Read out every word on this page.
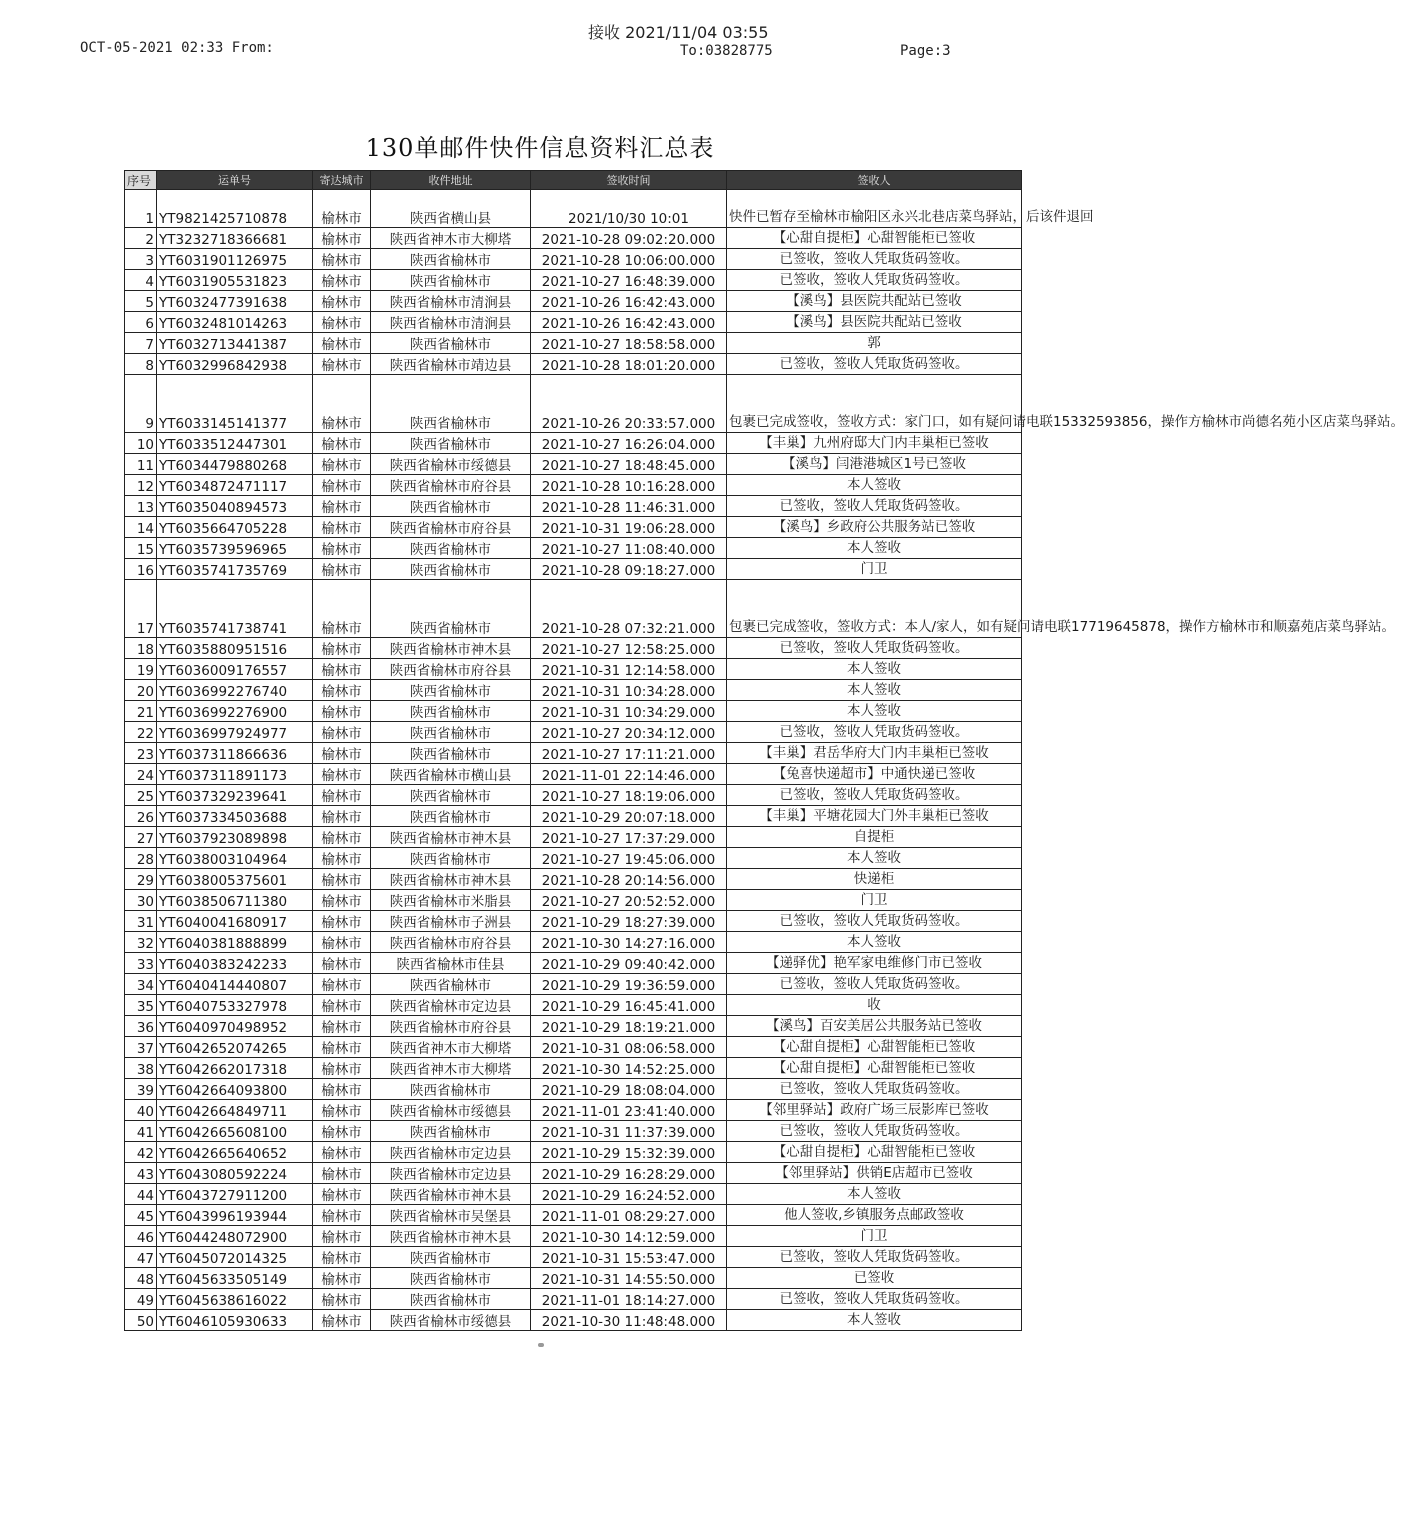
OCT-05-2021 02:33 From:
接收 2021/11/04 03:55
To:03828775	Page:3
130单邮件快件信息资料汇总表
序号	运单号	寄达城市	收件地址	签收时间	签收人
1	YT9821425710878	榆林市	陕西省横山县	2021/10/30 10:01	快件已暂存至榆林市榆阳区永兴北巷店菜鸟驿站，后该件退回
2	YT3232718366681	榆林市	陕西省神木市大柳塔	2021-10-28 09:02:20.000	【心甜自提柜】心甜智能柜已签收
3	YT6031901126975	榆林市	陕西省榆林市	2021-10-28 10:06:00.000	已签收，签收人凭取货码签收。
4	YT6031905531823	榆林市	陕西省榆林市	2021-10-27 16:48:39.000	已签收，签收人凭取货码签收。
5	YT6032477391638	榆林市	陕西省榆林市清涧县	2021-10-26 16:42:43.000	【溪鸟】县医院共配站已签收
6	YT6032481014263	榆林市	陕西省榆林市清涧县	2021-10-26 16:42:43.000	【溪鸟】县医院共配站已签收
7	YT6032713441387	榆林市	陕西省榆林市	2021-10-27 18:58:58.000	郭
8	YT6032996842938	榆林市	陕西省榆林市靖边县	2021-10-28 18:01:20.000	已签收，签收人凭取货码签收。
9	YT6033145141377	榆林市	陕西省榆林市	2021-10-26 20:33:57.000	包裹已完成签收，签收方式：家门口，如有疑问请电联15332593856，操作方榆林市尚德名苑小区店菜鸟驿站。
10	YT6033512447301	榆林市	陕西省榆林市	2021-10-27 16:26:04.000	【丰巢】九州府邸大门内丰巢柜已签收
11	YT6034479880268	榆林市	陕西省榆林市绥德县	2021-10-27 18:48:45.000	【溪鸟】闫港港城区1号已签收
12	YT6034872471117	榆林市	陕西省榆林市府谷县	2021-10-28 10:16:28.000	本人签收
13	YT6035040894573	榆林市	陕西省榆林市	2021-10-28 11:46:31.000	已签收，签收人凭取货码签收。
14	YT6035664705228	榆林市	陕西省榆林市府谷县	2021-10-31 19:06:28.000	【溪鸟】乡政府公共服务站已签收
15	YT6035739596965	榆林市	陕西省榆林市	2021-10-27 11:08:40.000	本人签收
16	YT6035741735769	榆林市	陕西省榆林市	2021-10-28 09:18:27.000	门卫
17	YT6035741738741	榆林市	陕西省榆林市	2021-10-28 07:32:21.000	包裹已完成签收，签收方式：本人/家人，如有疑问请电联17719645878，操作方榆林市和顺嘉苑店菜鸟驿站。
18	YT6035880951516	榆林市	陕西省榆林市神木县	2021-10-27 12:58:25.000	已签收，签收人凭取货码签收。
19	YT6036009176557	榆林市	陕西省榆林市府谷县	2021-10-31 12:14:58.000	本人签收
20	YT6036992276740	榆林市	陕西省榆林市	2021-10-31 10:34:28.000	本人签收
21	YT6036992276900	榆林市	陕西省榆林市	2021-10-31 10:34:29.000	本人签收
22	YT6036997924977	榆林市	陕西省榆林市	2021-10-27 20:34:12.000	已签收，签收人凭取货码签收。
23	YT6037311866636	榆林市	陕西省榆林市	2021-10-27 17:11:21.000	【丰巢】君岳华府大门内丰巢柜已签收
24	YT6037311891173	榆林市	陕西省榆林市横山县	2021-11-01 22:14:46.000	【兔喜快递超市】中通快递已签收
25	YT6037329239641	榆林市	陕西省榆林市	2021-10-27 18:19:06.000	已签收，签收人凭取货码签收。
26	YT6037334503688	榆林市	陕西省榆林市	2021-10-29 20:07:18.000	【丰巢】平塘花园大门外丰巢柜已签收
27	YT6037923089898	榆林市	陕西省榆林市神木县	2021-10-27 17:37:29.000	自提柜
28	YT6038003104964	榆林市	陕西省榆林市	2021-10-27 19:45:06.000	本人签收
29	YT6038005375601	榆林市	陕西省榆林市神木县	2021-10-28 20:14:56.000	快递柜
30	YT6038506711380	榆林市	陕西省榆林市米脂县	2021-10-27 20:52:52.000	门卫
31	YT6040041680917	榆林市	陕西省榆林市子洲县	2021-10-29 18:27:39.000	已签收，签收人凭取货码签收。
32	YT6040381888899	榆林市	陕西省榆林市府谷县	2021-10-30 14:27:16.000	本人签收
33	YT6040383242233	榆林市	陕西省榆林市佳县	2021-10-29 09:40:42.000	【递驿优】艳军家电维修门市已签收
34	YT6040414440807	榆林市	陕西省榆林市	2021-10-29 19:36:59.000	已签收，签收人凭取货码签收。
35	YT6040753327978	榆林市	陕西省榆林市定边县	2021-10-29 16:45:41.000	收
36	YT6040970498952	榆林市	陕西省榆林市府谷县	2021-10-29 18:19:21.000	【溪鸟】百安美居公共服务站已签收
37	YT6042652074265	榆林市	陕西省神木市大柳塔	2021-10-31 08:06:58.000	【心甜自提柜】心甜智能柜已签收
38	YT6042662017318	榆林市	陕西省神木市大柳塔	2021-10-30 14:52:25.000	【心甜自提柜】心甜智能柜已签收
39	YT6042664093800	榆林市	陕西省榆林市	2021-10-29 18:08:04.000	已签收，签收人凭取货码签收。
40	YT6042664849711	榆林市	陕西省榆林市绥德县	2021-11-01 23:41:40.000	【邻里驿站】政府广场三辰影库已签收
41	YT6042665608100	榆林市	陕西省榆林市	2021-10-31 11:37:39.000	已签收，签收人凭取货码签收。
42	YT6042665640652	榆林市	陕西省榆林市定边县	2021-10-29 15:32:39.000	【心甜自提柜】心甜智能柜已签收
43	YT6043080592224	榆林市	陕西省榆林市定边县	2021-10-29 16:28:29.000	【邻里驿站】供销E店超市已签收
44	YT6043727911200	榆林市	陕西省榆林市神木县	2021-10-29 16:24:52.000	本人签收
45	YT6043996193944	榆林市	陕西省榆林市吴堡县	2021-11-01 08:29:27.000	他人签收,乡镇服务点邮政签收
46	YT6044248072900	榆林市	陕西省榆林市神木县	2021-10-30 14:12:59.000	门卫
47	YT6045072014325	榆林市	陕西省榆林市	2021-10-31 15:53:47.000	已签收，签收人凭取货码签收。
48	YT6045633505149	榆林市	陕西省榆林市	2021-10-31 14:55:50.000	已签收
49	YT6045638616022	榆林市	陕西省榆林市	2021-11-01 18:14:27.000	已签收，签收人凭取货码签收。
50	YT6046105930633	榆林市	陕西省榆林市绥德县	2021-10-30 11:48:48.000	本人签收
